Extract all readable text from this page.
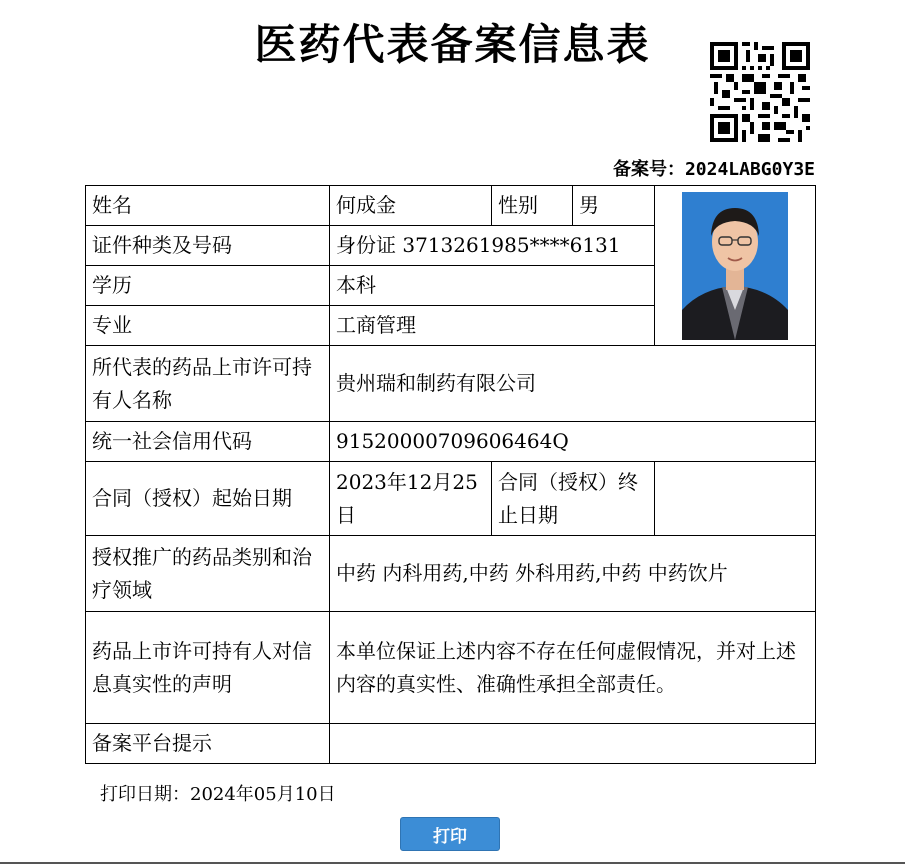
医药代表备案信息表
备案号：2024LABG0Y3E
姓名	何成金	性别	男	

证件种类及号码	身份证 3713261985****6131			
学历	本科			
专业	工商管理			
所代表的药品上市许可持有人名称	贵州瑞和制药有限公司			
统一社会信用代码	91520000709606464Q			
合同（授权）起始日期	2023年12月25日	合同（授权）终止日期		
授权推广的药品类别和治疗领域	中药 内科用药,中药 外科用药,中药 中药饮片			
药品上市许可持有人对信息真实性的声明	本单位保证上述内容不存在任何虚假情况，并对上述内容的真实性、准确性承担全部责任。			
备案平台提示				
打印日期：2024年05月10日
打印
